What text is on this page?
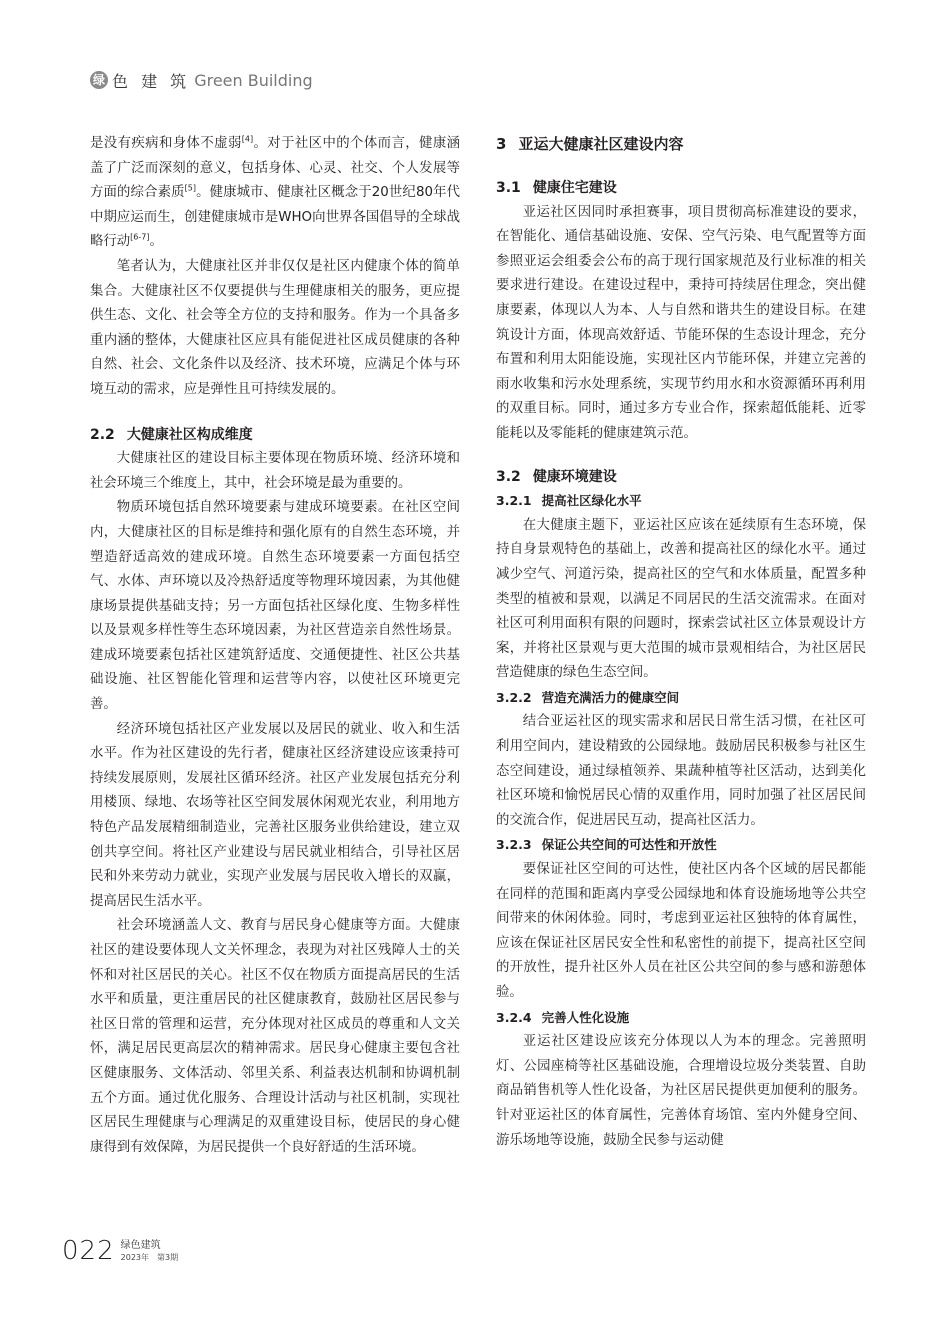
绿 色 建 筑 Green Building

是没有疾病和身体不虚弱[4]。对于社区中的个体而言，健康涵盖了广泛而深刻的意义，包括身体、心灵、社交、个人发展等方面的综合素质[5]。健康城市、健康社区概念于20世纪80年代中期应运而生，创建健康城市是WHO向世界各国倡导的全球战略行动[6-7]。

笔者认为，大健康社区并非仅仅是社区内健康个体的简单集合。大健康社区不仅要提供与生理健康相关的服务，更应提供生态、文化、社会等全方位的支持和服务。作为一个具备多重内涵的整体，大健康社区应具有能促进社区成员健康的各种自然、社会、文化条件以及经济、技术环境，应满足个体与环境互动的需求，应是弹性且可持续发展的。

2.2 大健康社区构成维度

大健康社区的建设目标主要体现在物质环境、经济环境和社会环境三个维度上，其中，社会环境是最为重要的。

物质环境包括自然环境要素与建成环境要素。在社区空间内，大健康社区的目标是维持和强化原有的自然生态环境，并塑造舒适高效的建成环境。自然生态环境要素一方面包括空气、水体、声环境以及冷热舒适度等物理环境因素，为其他健康场景提供基础支持；另一方面包括社区绿化度、生物多样性以及景观多样性等生态环境因素，为社区营造亲自然性场景。建成环境要素包括社区建筑舒适度、交通便捷性、社区公共基础设施、社区智能化管理和运营等内容，以使社区环境更完善。

经济环境包括社区产业发展以及居民的就业、收入和生活水平。作为社区建设的先行者，健康社区经济建设应该秉持可持续发展原则，发展社区循环经济。社区产业发展包括充分利用楼顶、绿地、农场等社区空间发展休闲观光农业，利用地方特色产品发展精细制造业，完善社区服务业供给建设，建立双创共享空间。将社区产业建设与居民就业相结合，引导社区居民和外来劳动力就业，实现产业发展与居民收入增长的双赢，提高居民生活水平。

社会环境涵盖人文、教育与居民身心健康等方面。大健康社区的建设要体现人文关怀理念，表现为对社区残障人士的关怀和对社区居民的关心。社区不仅在物质方面提高居民的生活水平和质量，更注重居民的社区健康教育，鼓励社区居民参与社区日常的管理和运营，充分体现对社区成员的尊重和人文关怀，满足居民更高层次的精神需求。居民身心健康主要包含社区健康服务、文体活动、邻里关系、利益表达机制和协调机制五个方面。通过优化服务、合理设计活动与社区机制，实现社区居民生理健康与心理满足的双重建设目标，使居民的身心健康得到有效保障，为居民提供一个良好舒适的生活环境。

3 亚运大健康社区建设内容
3.1 健康住宅建设

亚运社区因同时承担赛事，项目贯彻高标准建设的要求，在智能化、通信基础设施、安保、空气污染、电气配置等方面参照亚运会组委会公布的高于现行国家规范及行业标准的相关要求进行建设。在建设过程中，秉持可持续居住理念，突出健康要素，体现以人为本、人与自然和谐共生的建设目标。在建筑设计方面，体现高效舒适、节能环保的生态设计理念，充分布置和利用太阳能设施，实现社区内节能环保，并建立完善的雨水收集和污水处理系统，实现节约用水和水资源循环再利用的双重目标。同时，通过多方专业合作，探索超低能耗、近零能耗以及零能耗的健康建筑示范。

3.2 健康环境建设
3.2.1 提高社区绿化水平

在大健康主题下，亚运社区应该在延续原有生态环境，保持自身景观特色的基础上，改善和提高社区的绿化水平。通过减少空气、河道污染，提高社区的空气和水体质量，配置多种类型的植被和景观，以满足不同居民的生活交流需求。在面对社区可利用面积有限的问题时，探索尝试社区立体景观设计方案，并将社区景观与更大范围的城市景观相结合，为社区居民营造健康的绿色生态空间。

3.2.2 营造充满活力的健康空间

结合亚运社区的现实需求和居民日常生活习惯，在社区可利用空间内，建设精致的公园绿地。鼓励居民积极参与社区生态空间建设，通过绿植领养、果蔬种植等社区活动，达到美化社区环境和愉悦居民心情的双重作用，同时加强了社区居民间的交流合作，促进居民互动，提高社区活力。

3.2.3 保证公共空间的可达性和开放性

要保证社区空间的可达性，使社区内各个区域的居民都能在同样的范围和距离内享受公园绿地和体育设施场地等公共空间带来的休闲体验。同时，考虑到亚运社区独特的体育属性，应该在保证社区居民安全性和私密性的前提下，提高社区空间的开放性，提升社区外人员在社区公共空间的参与感和游憩体验。

3.2.4 完善人性化设施

亚运社区建设应该充分体现以人为本的理念。完善照明灯、公园座椅等社区基础设施，合理增设垃圾分类装置、自助商品销售机等人性化设备，为社区居民提供更加便利的服务。针对亚运社区的体育属性，完善体育场馆、室内外健身空间、游乐场地等设施，鼓励全民参与运动健

022 绿色建筑
2023年　第3期
